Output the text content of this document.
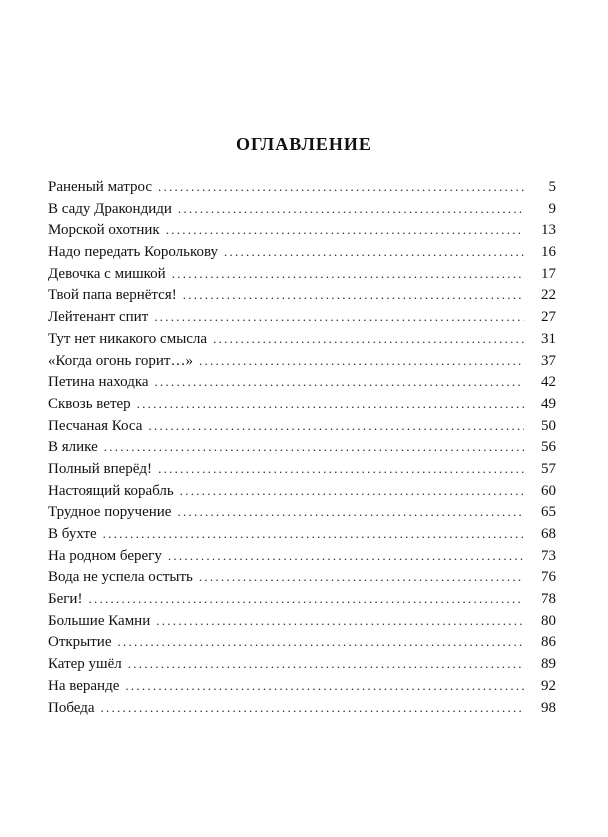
ОГЛАВЛЕНИЕ
Раненый матрос . . .	5
В саду Дракондиди . . .	9
Морской охотник . . .	13
Надо передать Королькову . . .	16
Девочка с мишкой . . .	17
Твой папа вернётся! . . .	22
Лейтенант спит . . .	27
Тут нет никакого смысла . . .	31
«Когда огонь горит…» . . .	37
Петина находка . . .	42
Сквозь ветер . . .	49
Песчаная Коса . . .	50
В ялике . . .	56
Полный вперёд! . . .	57
Настоящий корабль . . .	60
Трудное поручение . . .	65
В бухте . . .	68
На родном берегу . . .	73
Вода не успела остыть . . .	76
Беги! . . .	78
Большие Камни . . .	80
Открытие . . .	86
Катер ушёл . . .	89
На веранде . . .	92
Победа . . .	98
